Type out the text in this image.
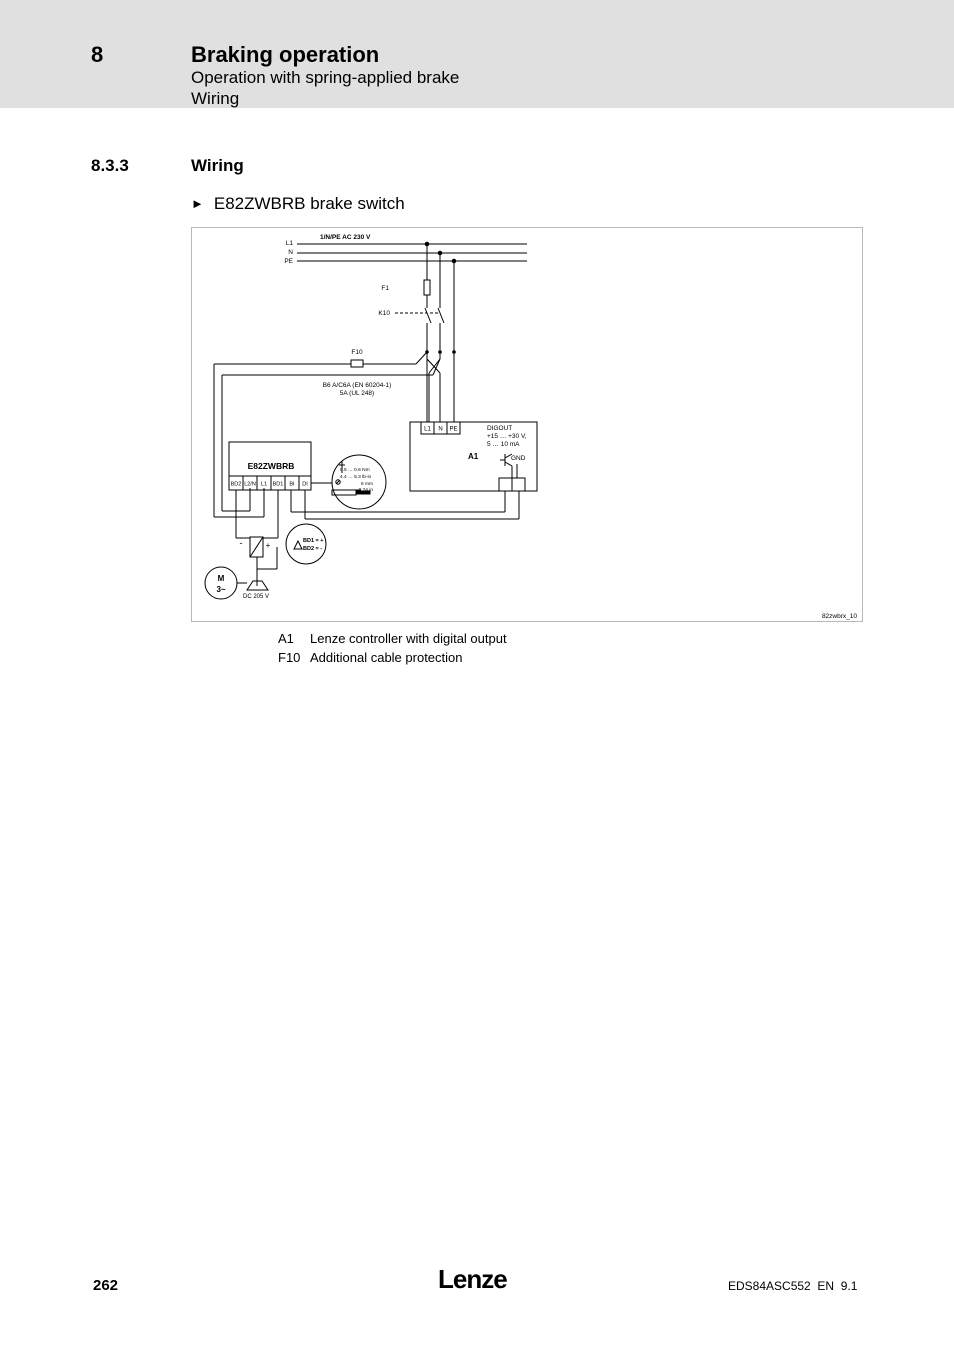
8	Braking operation
Operation with spring-applied brake
Wiring
8.3.3	Wiring
► E82ZWBRB brake switch
L1
N
PE
1/N/PE AC 230 V
F1
K10
F10
B6 A/C6A (EN 60204-1)
5A (UL 248)
L1 N PE	DIGOUT
+15 … +30 V,
5 … 10 mA
A1	GND
E82ZWBRB
BD2 L2/N L1 BD1 BI DI
0.5 … 0.6 Nm
4.4 … 5.3 lb-in
6 mm
0.24 in
-	+	BD1 = +
BD2 = -
M
3~
DC 205 V
82zwbrx_10
A1 Lenze controller with digital output
F10 Additional cable protection
262	Lenze	EDS84ASC552  EN  9.1
